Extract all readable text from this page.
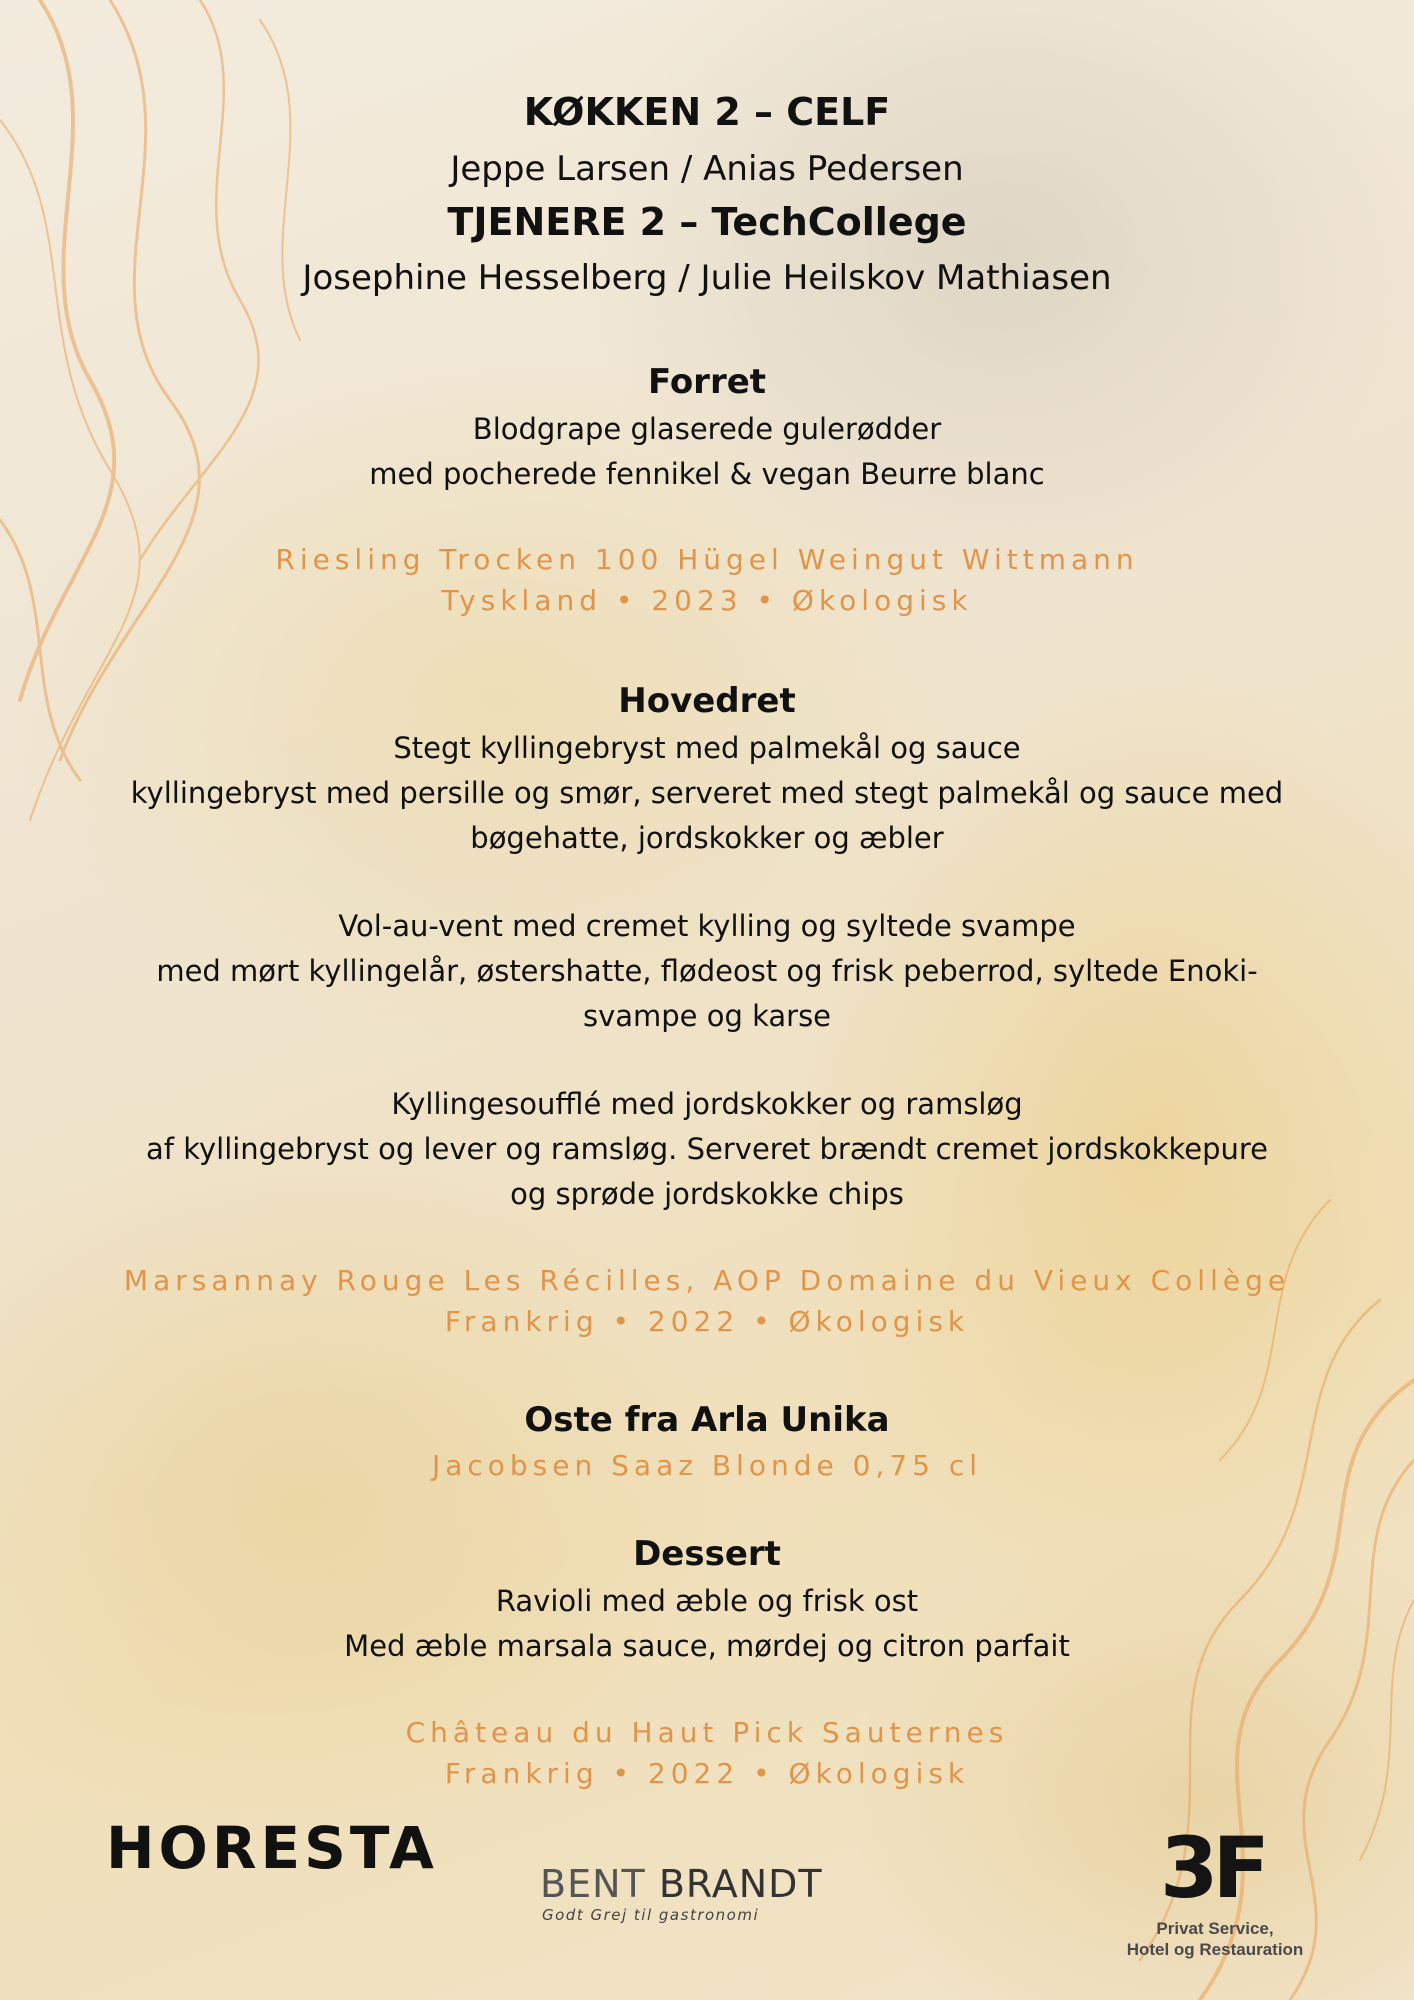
KØKKEN 2 – CELF
Jeppe Larsen / Anias Pedersen
TJENERE 2 – TechCollege
Josephine Hesselberg / Julie Heilskov Mathiasen
Forret
Blodgrape glaserede gulerødder
med pocherede fennikel & vegan Beurre blanc
Riesling Trocken 100 Hügel Weingut Wittmann
Tyskland • 2023 • Økologisk
Hovedret
Stegt kyllingebryst med palmekål og sauce
kyllingebryst med persille og smør, serveret med stegt palmekål og sauce med
bøgehatte, jordskokker og æbler
Vol-au-vent med cremet kylling og syltede svampe
med mørt kyllingelår, østershatte, flødeost og frisk peberrod, syltede Enoki-
svampe og karse
Kyllingesoufflé med jordskokker og ramsløg
af kyllingebryst og lever og ramsløg. Serveret brændt cremet jordskokkepure
og sprøde jordskokke chips
Marsannay Rouge Les Récilles, AOP Domaine du Vieux Collège
Frankrig • 2022 • Økologisk
Oste fra Arla Unika
Jacobsen Saaz Blonde 0,75 cl
Dessert
Ravioli med æble og frisk ost
Med æble marsala sauce, mørdej og citron parfait
Château du Haut Pick Sauternes
Frankrig • 2022 • Økologisk
HORESTA
BENT BRANDT
Godt Grej til gastronomi	3F
Privat Service,
Hotel og Restauration
